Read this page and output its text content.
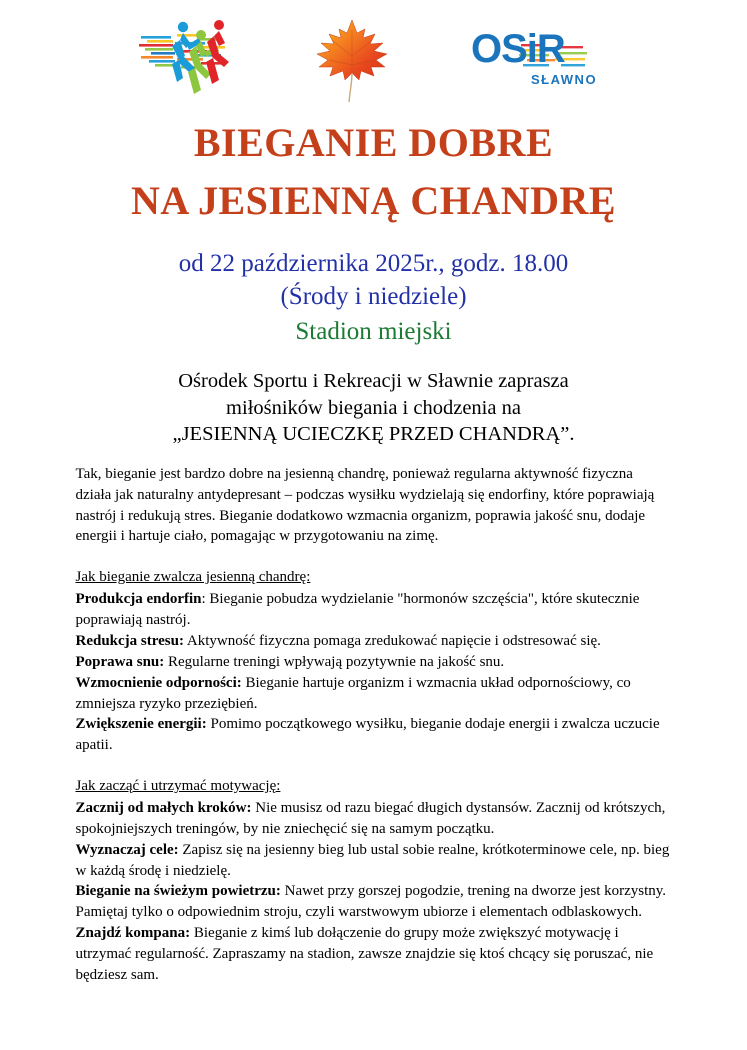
OSiR
SŁAWNO
BIEGANIE DOBRE
NA JESIENNĄ CHANDRĘ
od 22 października 2025r., godz. 18.00
(Środy i niedziele)
Stadion miejski
Ośrodek Sportu i Rekreacji w Sławnie zaprasza
miłośników biegania i chodzenia na
„JESIENNĄ UCIECZKĘ PRZED CHANDRĄ”.

Tak, bieganie jest bardzo dobre na jesienną chandrę, ponieważ regularna aktywność fizyczna działa jak naturalny antydepresant – podczas wysiłku wydzielają się endorfiny, które poprawiają nastrój i redukują stres. Bieganie dodatkowo wzmacnia organizm, poprawia jakość snu, dodaje energii i hartuje ciało, pomagając w przygotowaniu na zimę.

Jak bieganie zwalcza jesienną chandrę:

Produkcja endorfin: Bieganie pobudza wydzielanie "hormonów szczęścia", które skutecznie poprawiają nastrój.

Redukcja stresu: Aktywność fizyczna pomaga zredukować napięcie i odstresować się.

Poprawa snu: Regularne treningi wpływają pozytywnie na jakość snu.

Wzmocnienie odporności: Bieganie hartuje organizm i wzmacnia układ odpornościowy, co zmniejsza ryzyko przeziębień.

Zwiększenie energii: Pomimo początkowego wysiłku, bieganie dodaje energii i zwalcza uczucie apatii.

Jak zacząć i utrzymać motywację:

Zacznij od małych kroków: Nie musisz od razu biegać długich dystansów. Zacznij od krótszych, spokojniejszych treningów, by nie zniechęcić się na samym początku.

Wyznaczaj cele: Zapisz się na jesienny bieg lub ustal sobie realne, krótkoterminowe cele, np. bieg w każdą środę i niedzielę.

Bieganie na świeżym powietrzu: Nawet przy gorszej pogodzie, trening na dworze jest korzystny. Pamiętaj tylko o odpowiednim stroju, czyli warstwowym ubiorze i elementach odblaskowych.

Znajdź kompana: Bieganie z kimś lub dołączenie do grupy może zwiększyć motywację i utrzymać regularność. Zapraszamy na stadion, zawsze znajdzie się ktoś chcący się poruszać, nie będziesz sam.
